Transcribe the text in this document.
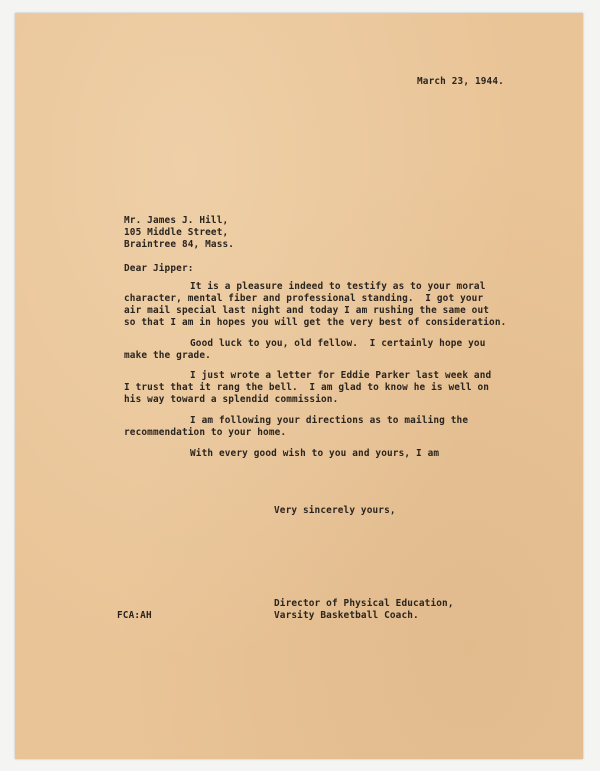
March 23, 1944.
Mr. James J. Hill,
105 Middle Street,
Braintree 84, Mass.
Dear Jipper:
It is a pleasure indeed to testify as to your moral
character, mental fiber and professional standing.  I got your
air mail special last night and today I am rushing the same out
so that I am in hopes you will get the very best of consideration.
Good luck to you, old fellow.  I certainly hope you
make the grade.
I just wrote a letter for Eddie Parker last week and
I trust that it rang the bell.  I am glad to know he is well on
his way toward a splendid commission.
I am following your directions as to mailing the
recommendation to your home.
With every good wish to you and yours, I am
Very sincerely yours,
Director of Physical Education,
Varsity Basketball Coach.
FCA:AH
